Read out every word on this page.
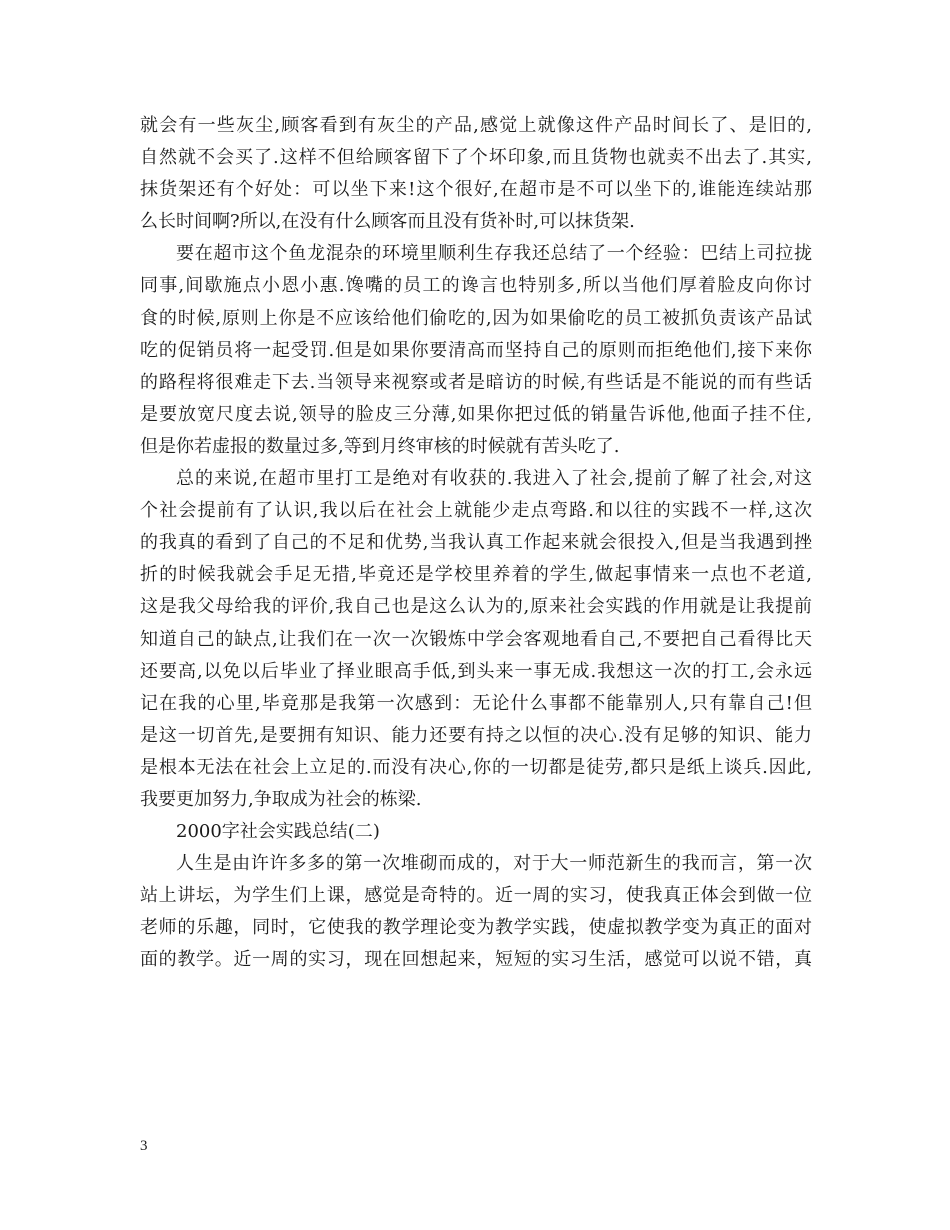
就会有一些灰尘,顾客看到有灰尘的产品,感觉上就像这件产品时间长了、是旧的,
自然就不会买了.这样不但给顾客留下了个坏印象,而且货物也就卖不出去了.其实,
抹货架还有个好处：可以坐下来!这个很好,在超市是不可以坐下的,谁能连续站那
么长时间啊?所以,在没有什么顾客而且没有货补时,可以抹货架.
要在超市这个鱼龙混杂的环境里顺利生存我还总结了一个经验：巴结上司拉拢
同事,间歇施点小恩小惠.馋嘴的员工的谗言也特别多,所以当他们厚着脸皮向你讨
食的时候,原则上你是不应该给他们偷吃的,因为如果偷吃的员工被抓负责该产品试
吃的促销员将一起受罚.但是如果你要清高而坚持自己的原则而拒绝他们,接下来你
的路程将很难走下去.当领导来视察或者是暗访的时候,有些话是不能说的而有些话
是要放宽尺度去说,领导的脸皮三分薄,如果你把过低的销量告诉他,他面子挂不住,
但是你若虚报的数量过多,等到月终审核的时候就有苦头吃了.
总的来说,在超市里打工是绝对有收获的.我进入了社会,提前了解了社会,对这
个社会提前有了认识,我以后在社会上就能少走点弯路.和以往的实践不一样,这次
的我真的看到了自己的不足和优势,当我认真工作起来就会很投入,但是当我遇到挫
折的时候我就会手足无措,毕竟还是学校里养着的学生,做起事情来一点也不老道,
这是我父母给我的评价,我自己也是这么认为的,原来社会实践的作用就是让我提前
知道自己的缺点,让我们在一次一次锻炼中学会客观地看自己,不要把自己看得比天
还要高,以免以后毕业了择业眼高手低,到头来一事无成.我想这一次的打工,会永远
记在我的心里,毕竟那是我第一次感到：无论什么事都不能靠别人,只有靠自己!但
是这一切首先,是要拥有知识、能力还要有持之以恒的决心.没有足够的知识、能力
是根本无法在社会上立足的.而没有决心,你的一切都是徒劳,都只是纸上谈兵.因此,
我要更加努力,争取成为社会的栋梁.
2000字社会实践总结(二)
人生是由许许多多的第一次堆砌而成的，对于大一师范新生的我而言，第一次
站上讲坛，为学生们上课，感觉是奇特的。近一周的实习，使我真正体会到做一位
老师的乐趣，同时，它使我的教学理论变为教学实践，使虚拟教学变为真正的面对
面的教学。近一周的实习，现在回想起来，短短的实习生活，感觉可以说不错，真
3
